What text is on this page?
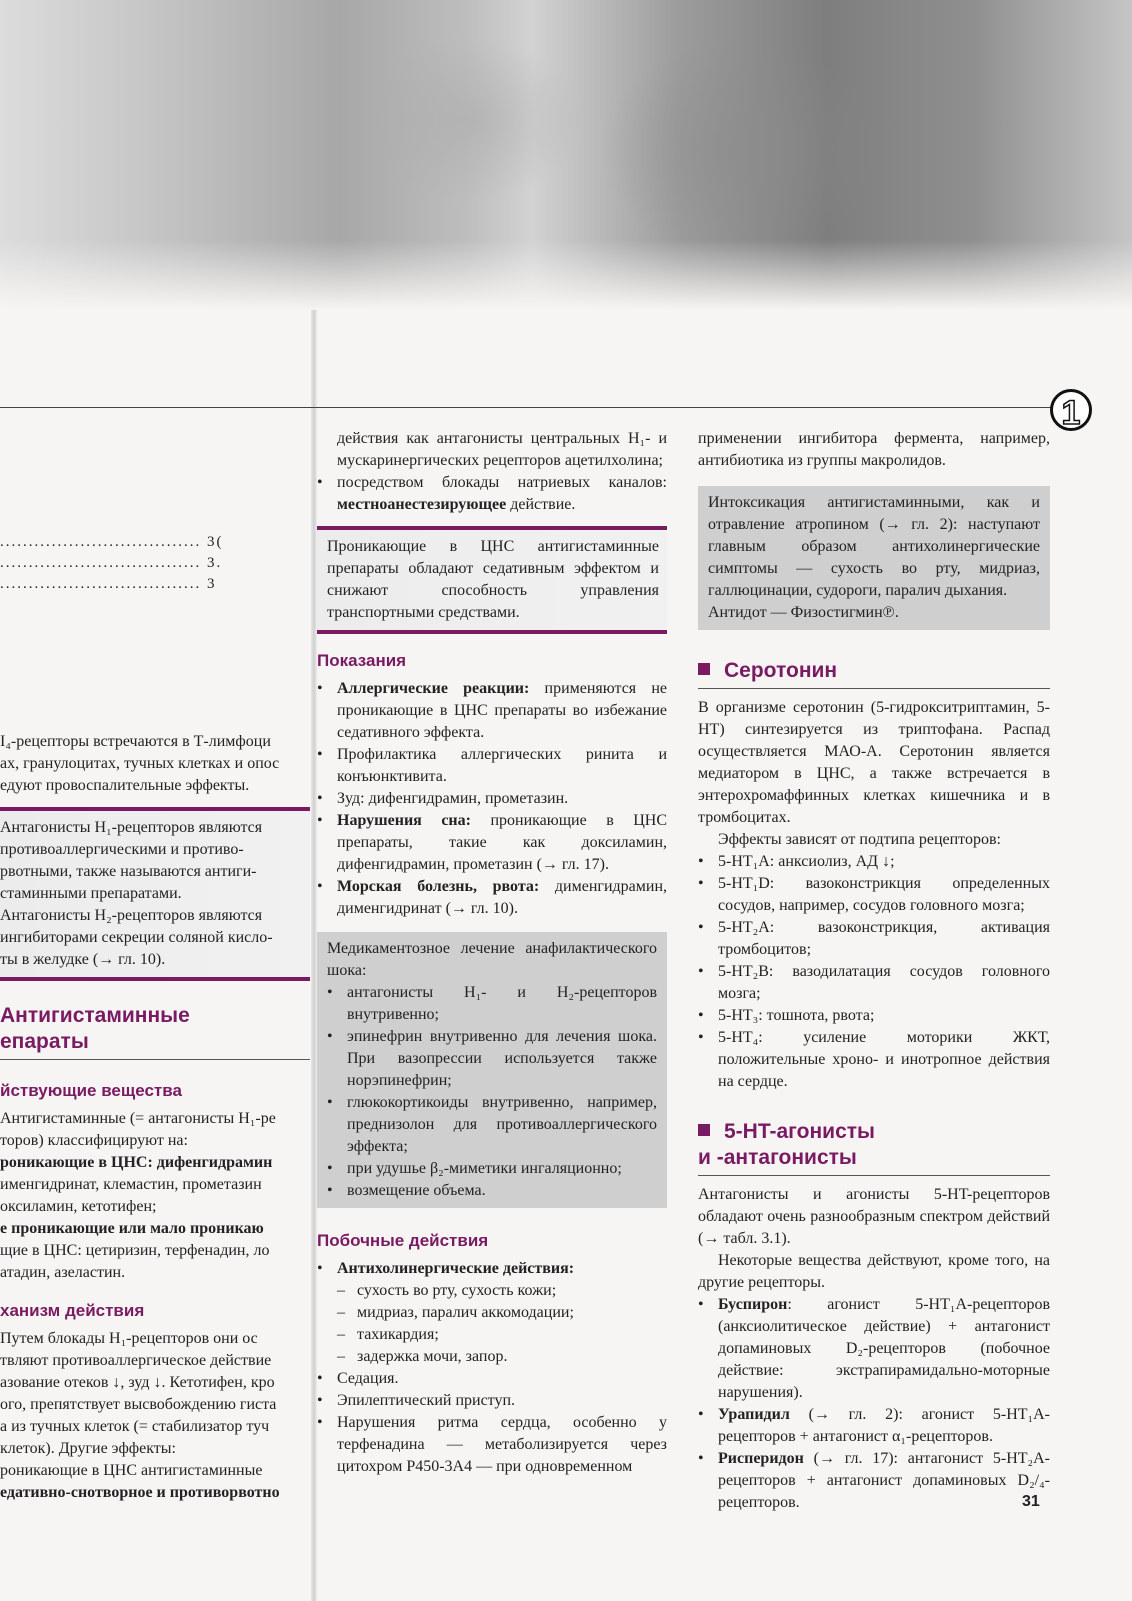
1
................................... 3(
................................... 3.
................................... 3
I₄-рецепторы встречаются в Т-лимфоци
ах, гранулоцитах, тучных клетках и опос
едуют провоспалительные эффекты.
Антагонисты H₁-рецепторов являются
противоаллергическими и противо-
рвотными, также называются антиги-
стаминными препаратами.
Антагонисты H₂-рецепторов являются
ингибиторами секреции соляной кисло-
ты в желудке (→ гл. 10).
Антигистаминные
епараты
йствующие вещества
Антигистаминные (= антагонисты H₁-ре
торов) классифицируют на:
роникающие в ЦНС: дифенгидрамин
именгидринат, клемастин, прометазин
оксиламин, кетотифен;
е проникающие или мало проникаю
щие в ЦНС: цетиризин, терфенадин, ло
атадин, азеластин.
ханизм действия
Путем блокады H₁-рецепторов они ос
твляют противоаллергическое действие
азование отеков ↓, зуд ↓. Кетотифен, кро
ого, препятствует высвобождению гиста
а из тучных клеток (= стабилизатор туч
клеток). Другие эффекты:
роникающие в ЦНС антигистаминные
едативно-снотворное и противорвотно

действия как антагонисты центральных H₁- и мускаринергических рецепторов ацетилхолина;

• посредством блокады натриевых каналов: местноанестезирующее действие.

Проникающие в ЦНС антигистаминные препараты обладают седативным эффектом и снижают способность управления транспортными средствами.

Показания
• Аллергические реакции: применяются не проникающие в ЦНС препараты во избежание седативного эффекта.
• Профилактика аллергических ринита и конъюнктивита.
• Зуд: дифенгидрамин, прометазин.
• Нарушения сна: проникающие в ЦНС препараты, такие как доксиламин, дифенгидрамин, прометазин (→ гл. 17).
• Морская болезнь, рвота: дименгидрамин, дименгидринат (→ гл. 10).

Медикаментозное лечение анафилактического шока:

• антагонисты H₁- и H₂-рецепторов внутривенно;
• эпинефрин внутривенно для лечения шока. При вазопрессии используется также норэпинефрин;
• глюкокортикоиды внутривенно, например, преднизолон для противоаллергического эффекта;
• при удушье β₂-миметики ингаляционно;
• возмещение объема.
Побочные действия
• Антихолинергические действия:
– сухость во рту, сухость кожи;
– мидриаз, паралич аккомодации;
– тахикардия;
– задержка мочи, запор.
• Седация.
• Эпилептический приступ.
• Нарушения ритма сердца, особенно у терфенадина — метаболизируется через цитохром P450-3A4 — при одновременном

применении ингибитора фермента, например, антибиотика из группы макролидов.

Интоксикация антигистаминными, как и отравление атропином (→ гл. 2): наступают главным образом антихолинергические симптомы — сухость во рту, мидриаз, галлюцинации, судороги, паралич дыхания.

Антидот — Физостигмин℗.

Серотонин

В организме серотонин (5-гидрокситриптамин, 5-HT) синтезируется из триптофана. Распад осуществляется МАО-А. Серотонин является медиатором в ЦНС, а также встречается в энтерохромаффинных клетках кишечника и в тромбоцитах.

Эффекты зависят от подтипа рецепторов:

• 5-HT₁A: анксиолиз, АД ↓;
• 5-HT₁D: вазоконстрикция определенных сосудов, например, сосудов головного мозга;
• 5-HT₂A: вазоконстрикция, активация тромбоцитов;
• 5-HT₂B: вазодилатация сосудов головного мозга;
• 5-HT₃: тошнота, рвота;
• 5-HT₄: усиление моторики ЖКТ, положительные хроно- и инотропное действия на сердце.
5-HT-агонисты
и -антагонисты

Антагонисты и агонисты 5-HT-рецепторов обладают очень разнообразным спектром действий (→ табл. 3.1).

Некоторые вещества действуют, кроме того, на другие рецепторы.

• Буспирон: агонист 5-HT₁A-рецепторов (анксиолитическое действие) + антагонист допаминовых D₂-рецепторов (побочное действие: экстрапирамидально-моторные нарушения).
• Урапидил (→ гл. 2): агонист 5-HT₁A-рецепторов + антагонист α₁-рецепторов.
• Рисперидон (→ гл. 17): антагонист 5-HT₂A-рецепторов + антагонист допаминовых D₂/₄-рецепторов.	31
